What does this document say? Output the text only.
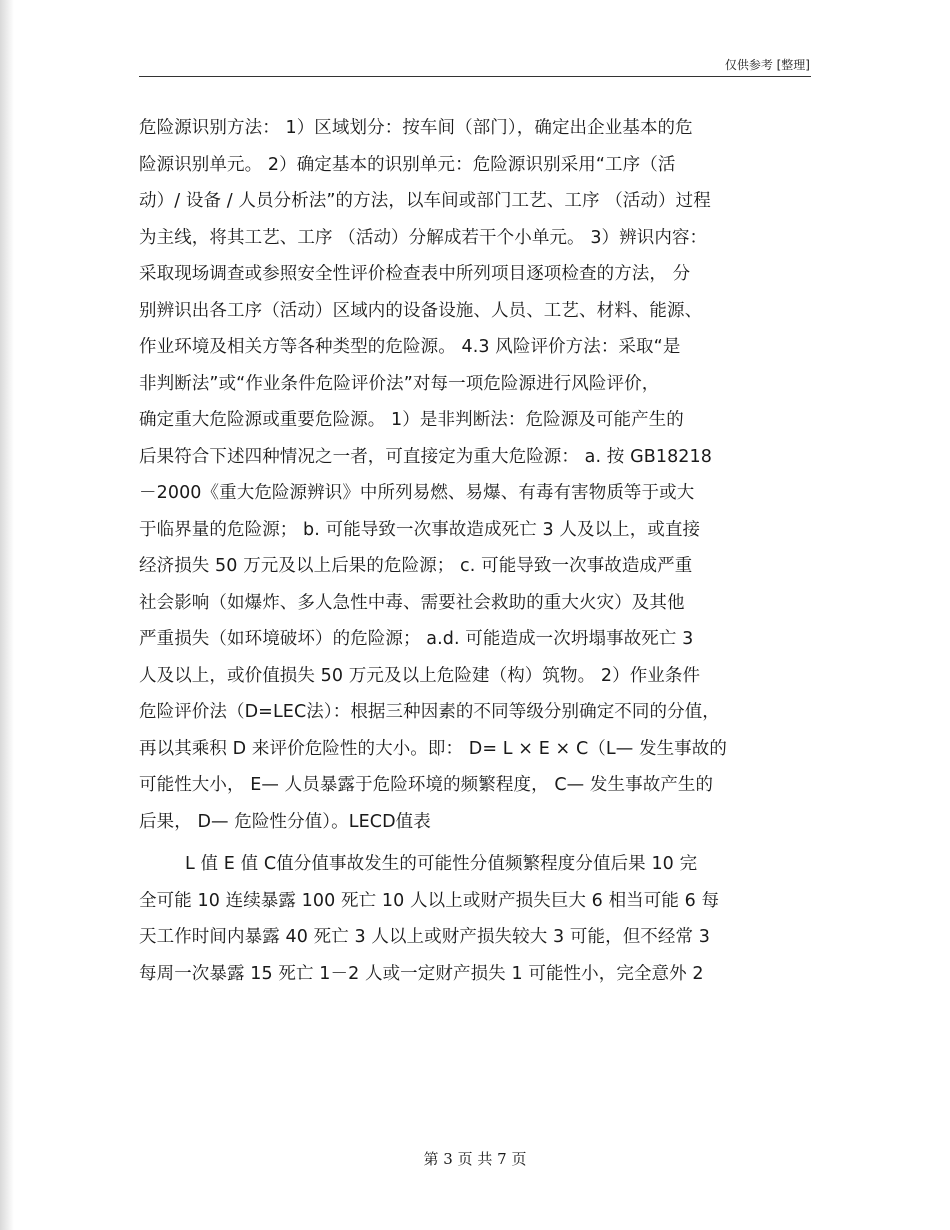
仅供参考 [整理]
危险源识别方法： 1）区域划分：按车间（部门），确定出企业基本的危
险源识别单元。 2）确定基本的识别单元：危险源识别采用“工序（活
动）/ 设备 / 人员分析法”的方法，以车间或部门工艺、工序 （活动）过程
为主线，将其工艺、工序 （活动）分解成若干个小单元。 3）辨识内容：
采取现场调查或参照安全性评价检查表中所列项目逐项检查的方法， 分
别辨识出各工序（活动）区域内的设备设施、人员、工艺、材料、能源、
作业环境及相关方等各种类型的危险源。 4.3 风险评价方法：采取“是
非判断法”或“作业条件危险评价法”对每一项危险源进行风险评价，
确定重大危险源或重要危险源。 1）是非判断法：危险源及可能产生的
后果符合下述四种情况之一者，可直接定为重大危险源： a. 按 GB18218
－2000《重大危险源辨识》中所列易燃、易爆、有毒有害物质等于或大
于临界量的危险源； b. 可能导致一次事故造成死亡 3 人及以上，或直接
经济损失 50 万元及以上后果的危险源； c. 可能导致一次事故造成严重
社会影响（如爆炸、多人急性中毒、需要社会救助的重大火灾）及其他
严重损失（如环境破坏）的危险源； a.d. 可能造成一次坍塌事故死亡 3
人及以上，或价值损失 50 万元及以上危险建（构）筑物。 2）作业条件
危险评价法（D=LEC法）：根据三种因素的不同等级分别确定不同的分值，
再以其乘积 D 来评价危险性的大小。即： D= L × E × C（L— 发生事故的
可能性大小， E— 人员暴露于危险环境的频繁程度， C— 发生事故产生的
后果， D— 危险性分值）。LECD值表
L 值 E 值 C值分值事故发生的可能性分值频繁程度分值后果 10 完
全可能 10 连续暴露 100 死亡 10 人以上或财产损失巨大 6 相当可能 6 每
天工作时间内暴露 40 死亡 3 人以上或财产损失较大 3 可能，但不经常 3
每周一次暴露 15 死亡 1－2 人或一定财产损失 1 可能性小，完全意外 2
第 3 页 共 7 页
